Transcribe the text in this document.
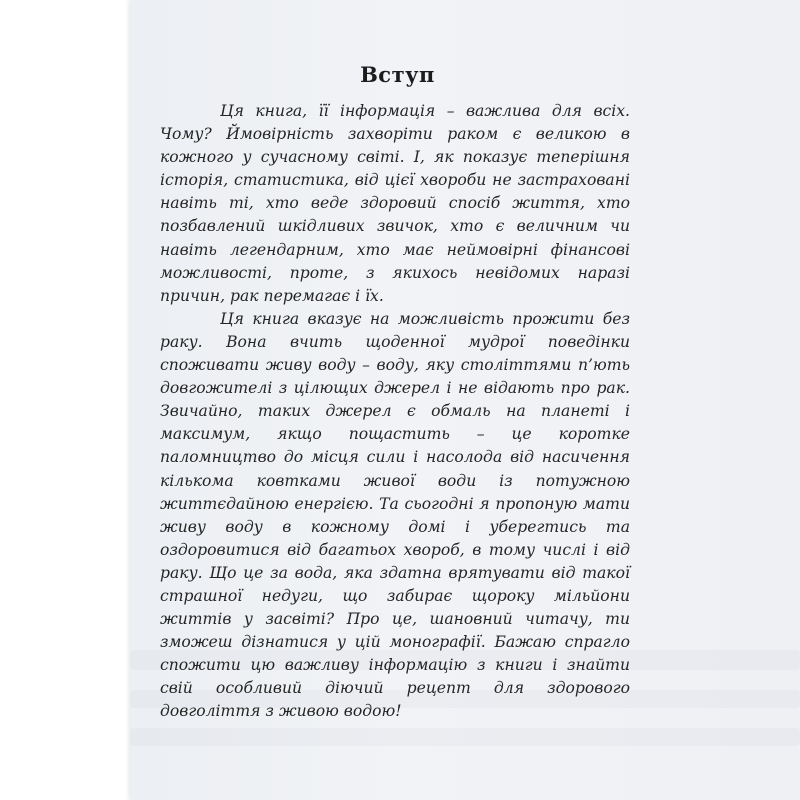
Вступ

Ця книга, її інформація – важлива для всіх. Чому? Ймовірність захворіти раком є великою в кожного у сучасному світі. І, як показує теперішня історія, статистика, від цієї хвороби не застраховані навіть ті, хто веде здоровий спосіб життя, хто позбавлений шкідливих звичок, хто є величним чи навіть легендарним, хто має неймовірні фінансові можливості, проте, з якихось невідомих наразі причин, рак перемагає і їх.

Ця книга вказує на можливість прожити без раку. Вона вчить щоденної мудрої поведінки споживати живу воду – воду, яку століттями п’ють довгожителі з цілющих джерел і не відають про рак. Звичайно, таких джерел є обмаль на планеті і максимум, якщо пощастить – це коротке паломництво до місця сили і насолода від насичення кількома ковтками живої води із потужною життєдайною енергією. Та сьогодні я пропоную мати живу воду в кожному домі і уберегтись та оздоровитися від багатьох хвороб, в тому числі і від раку. Що це за вода, яка здатна врятувати від такої страшної недуги, що забирає щороку мільйони життів у засвіті? Про це, шановний читачу, ти зможеш дізнатися у цій монографії. Бажаю спрагло спожити цю важливу інформацію з книги і знайти свій особливий діючий рецепт для здорового довголіття з живою водою!
